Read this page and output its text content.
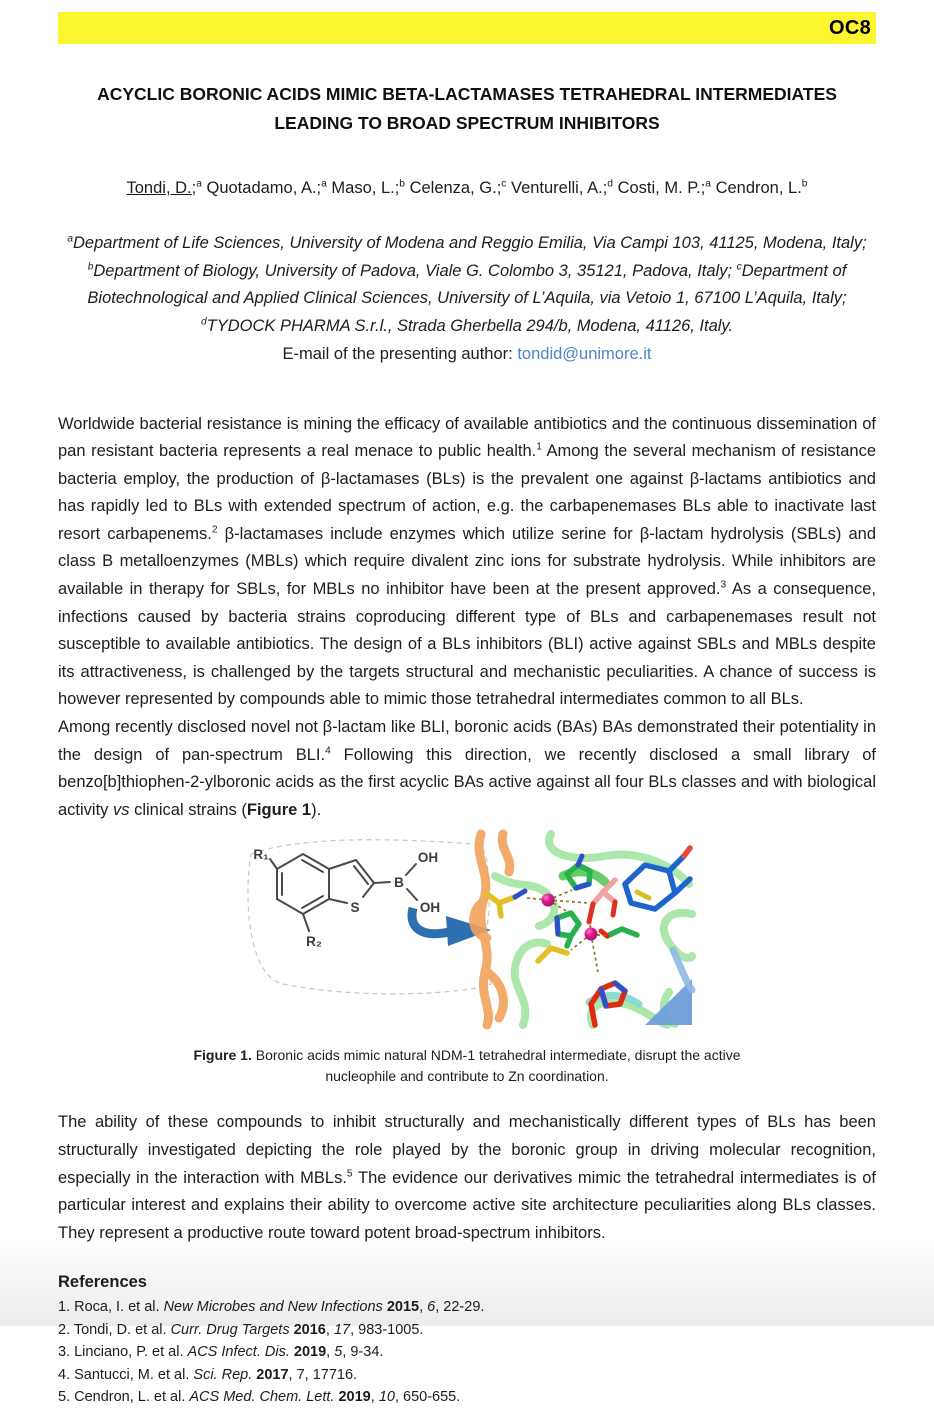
OC8
ACYCLIC BORONIC ACIDS MIMIC BETA-LACTAMASES TETRAHEDRAL INTERMEDIATES
LEADING TO BROAD SPECTRUM INHIBITORS

Tondi, D.;$^a$ Quotadamo, A.;$^a$ Maso, L.;$^b$ Celenza, G.;$^c$ Venturelli, A.;$^d$ Costi, M. P.;$^a$ Cendron, L.$^b$

$^a$Department of Life Sciences, University of Modena and Reggio Emilia, Via Campi 103, 41125, Modena, Italy; $^b$Department of Biology, University of Padova, Viale G. Colombo 3, 35121, Padova, Italy; $^c$Department of Biotechnological and Applied Clinical Sciences, University of L’Aquila, via Vetoio 1, 67100 L’Aquila, Italy; $^d$TYDOCK PHARMA S.r.l., Strada Gherbella 294/b, Modena, 41126, Italy.

E-mail of the presenting author: tondid@unimore.it

Worldwide bacterial resistance is mining the efficacy of available antibiotics and the continuous dissemination of pan resistant bacteria represents a real menace to public health.$^1$ Among the several mechanism of resistance bacteria employ, the production of β-lactamases (BLs) is the prevalent one against β-lactams antibiotics and has rapidly led to BLs with extended spectrum of action, e.g. the carbapenemases BLs able to inactivate last resort carbapenems.$^2$ β-lactamases include enzymes which utilize serine for β-lactam hydrolysis (SBLs) and class B metalloenzymes (MBLs) which require divalent zinc ions for substrate hydrolysis. While inhibitors are available in therapy for SBLs, for MBLs no inhibitor have been at the present approved.$^3$ As a consequence, infections caused by bacteria strains coproducing different type of BLs and carbapenemases result not susceptible to available antibiotics. The design of a BLs inhibitors (BLI) active against SBLs and MBLs despite its attractiveness, is challenged by the targets structural and mechanistic peculiarities. A chance of success is however represented by compounds able to mimic those tetrahedral intermediates common to all BLs.

Among recently disclosed novel not β-lactam like BLI, boronic acids (BAs) BAs demonstrated their potentiality in the design of pan-spectrum BLI.$^4$ Following this direction, we recently disclosed a small library of benzo[b]thiophen-2-ylboronic acids as the first acyclic BAs active against all four BLs classes and with biological activity vs clinical strains (Figure 1).

R₁
R₂
S
B
OH
OH

Figure 1. Boronic acids mimic natural NDM-1 tetrahedral intermediate, disrupt the active nucleophile and contribute to Zn coordination.

The ability of these compounds to inhibit structurally and mechanistically different types of BLs has been structurally investigated depicting the role played by the boronic group in driving molecular recognition, especially in the interaction with MBLs.$^5$ The evidence our derivatives mimic the tetrahedral intermediates is of particular interest and explains their ability to overcome active site architecture peculiarities along BLs classes. They represent a productive route toward potent broad-spectrum inhibitors.

References
1. Roca, I. et al. New Microbes and New Infections 2015, 6, 22-29.
2. Tondi, D. et al. Curr. Drug Targets 2016, 17, 983-1005.
3. Linciano, P. et al. ACS Infect. Dis. 2019, 5, 9-34.
4. Santucci, M. et al. Sci. Rep. 2017, 7, 17716.
5. Cendron, L. et al. ACS Med. Chem. Lett. 2019, 10, 650-655.
